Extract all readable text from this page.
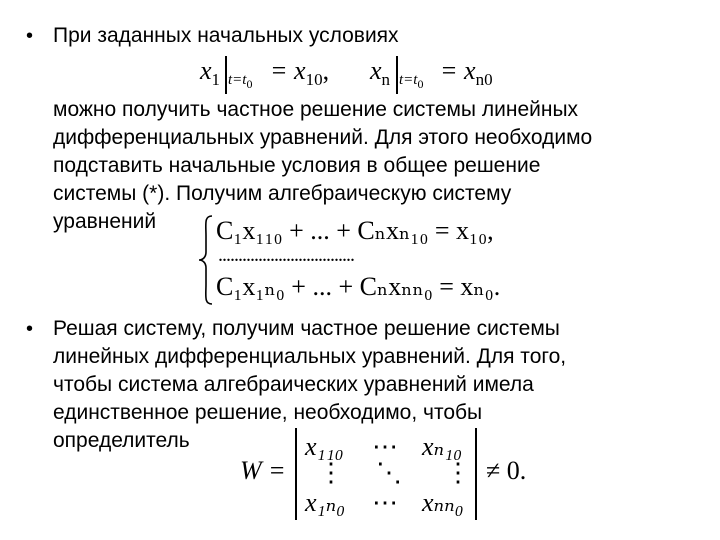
• При заданных начальных условиях
$x_1$ $t=t_0 = x_{10}$, $x_n$ $t=t_0 = x_{n0}$
можно получить частное решение системы линейных
дифференциальных уравнений. Для этого необходимо
подставить начальные условия в общее решение
системы (*). Получим алгебраическую систему
уравнений C₁x₁₁₀ + ... + Cₙxₙ₁₀ = x₁₀,
..................................
C₁x₁ₙ₀ + ... + Cₙxₙₙ₀ = xₙ₀.
• Решая систему, получим частное решение системы
линейных дифференциальных уравнений. Для того,
чтобы система алгебраических уравнений имела
единственное решение, необходимо, чтобы
определитель
W =
x₁₁₀ ⋯ xₙ₁₀
⋮ ⋱ ⋮
x₁ₙ₀ ⋯ xₙₙ₀
≠ 0.
